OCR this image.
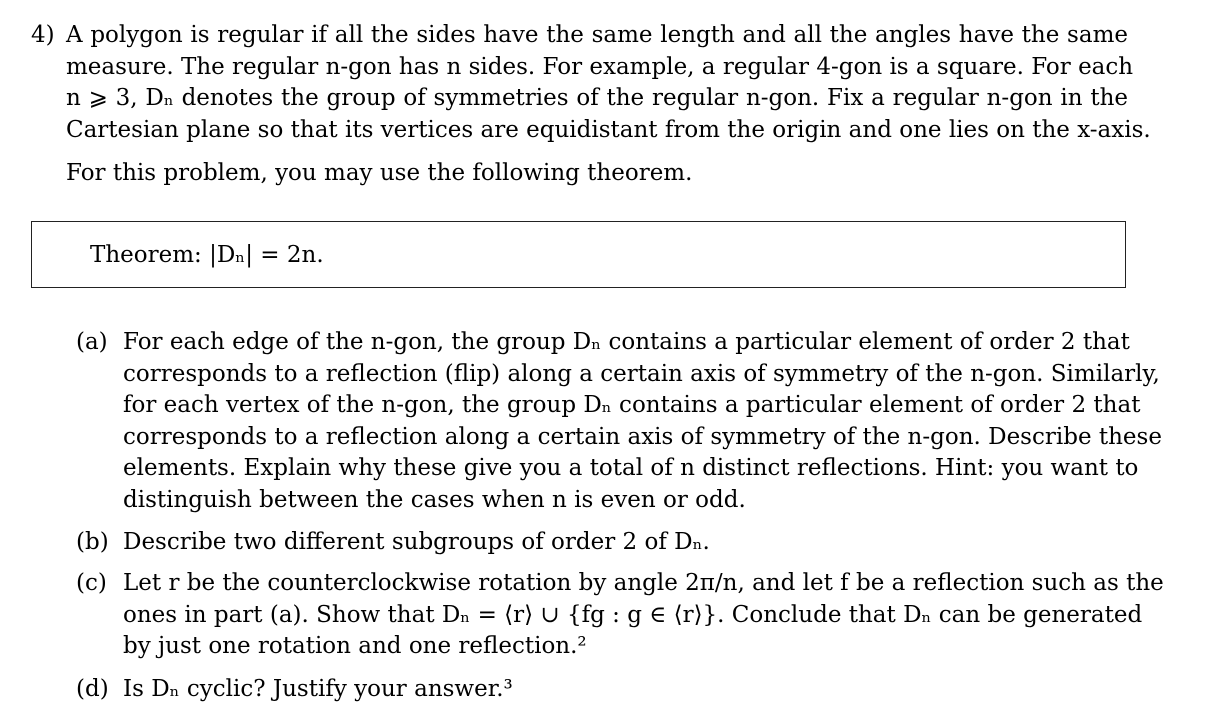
4) A polygon is regular if all the sides have the same length and all the angles have the same
measure. The regular n-gon has n sides. For example, a regular 4-gon is a square. For each
n ⩾ 3, Dₙ denotes the group of symmetries of the regular n-gon. Fix a regular n-gon in the
Cartesian plane so that its vertices are equidistant from the origin and one lies on the x-axis.
For this problem, you may use the following theorem.
Theorem: |Dₙ| = 2n.
(a) For each edge of the n-gon, the group Dₙ contains a particular element of order 2 that
corresponds to a reflection (flip) along a certain axis of symmetry of the n-gon. Similarly,
for each vertex of the n-gon, the group Dₙ contains a particular element of order 2 that
corresponds to a reflection along a certain axis of symmetry of the n-gon. Describe these
elements. Explain why these give you a total of n distinct reflections. Hint: you want to
distinguish between the cases when n is even or odd.
(b) Describe two different subgroups of order 2 of Dₙ.
(c) Let r be the counterclockwise rotation by angle 2π/n, and let f be a reflection such as the
ones in part (a). Show that Dₙ = ⟨r⟩ ∪ {fg : g ∈ ⟨r⟩}. Conclude that Dₙ can be generated
by just one rotation and one reflection.²
(d) Is Dₙ cyclic? Justify your answer.³
